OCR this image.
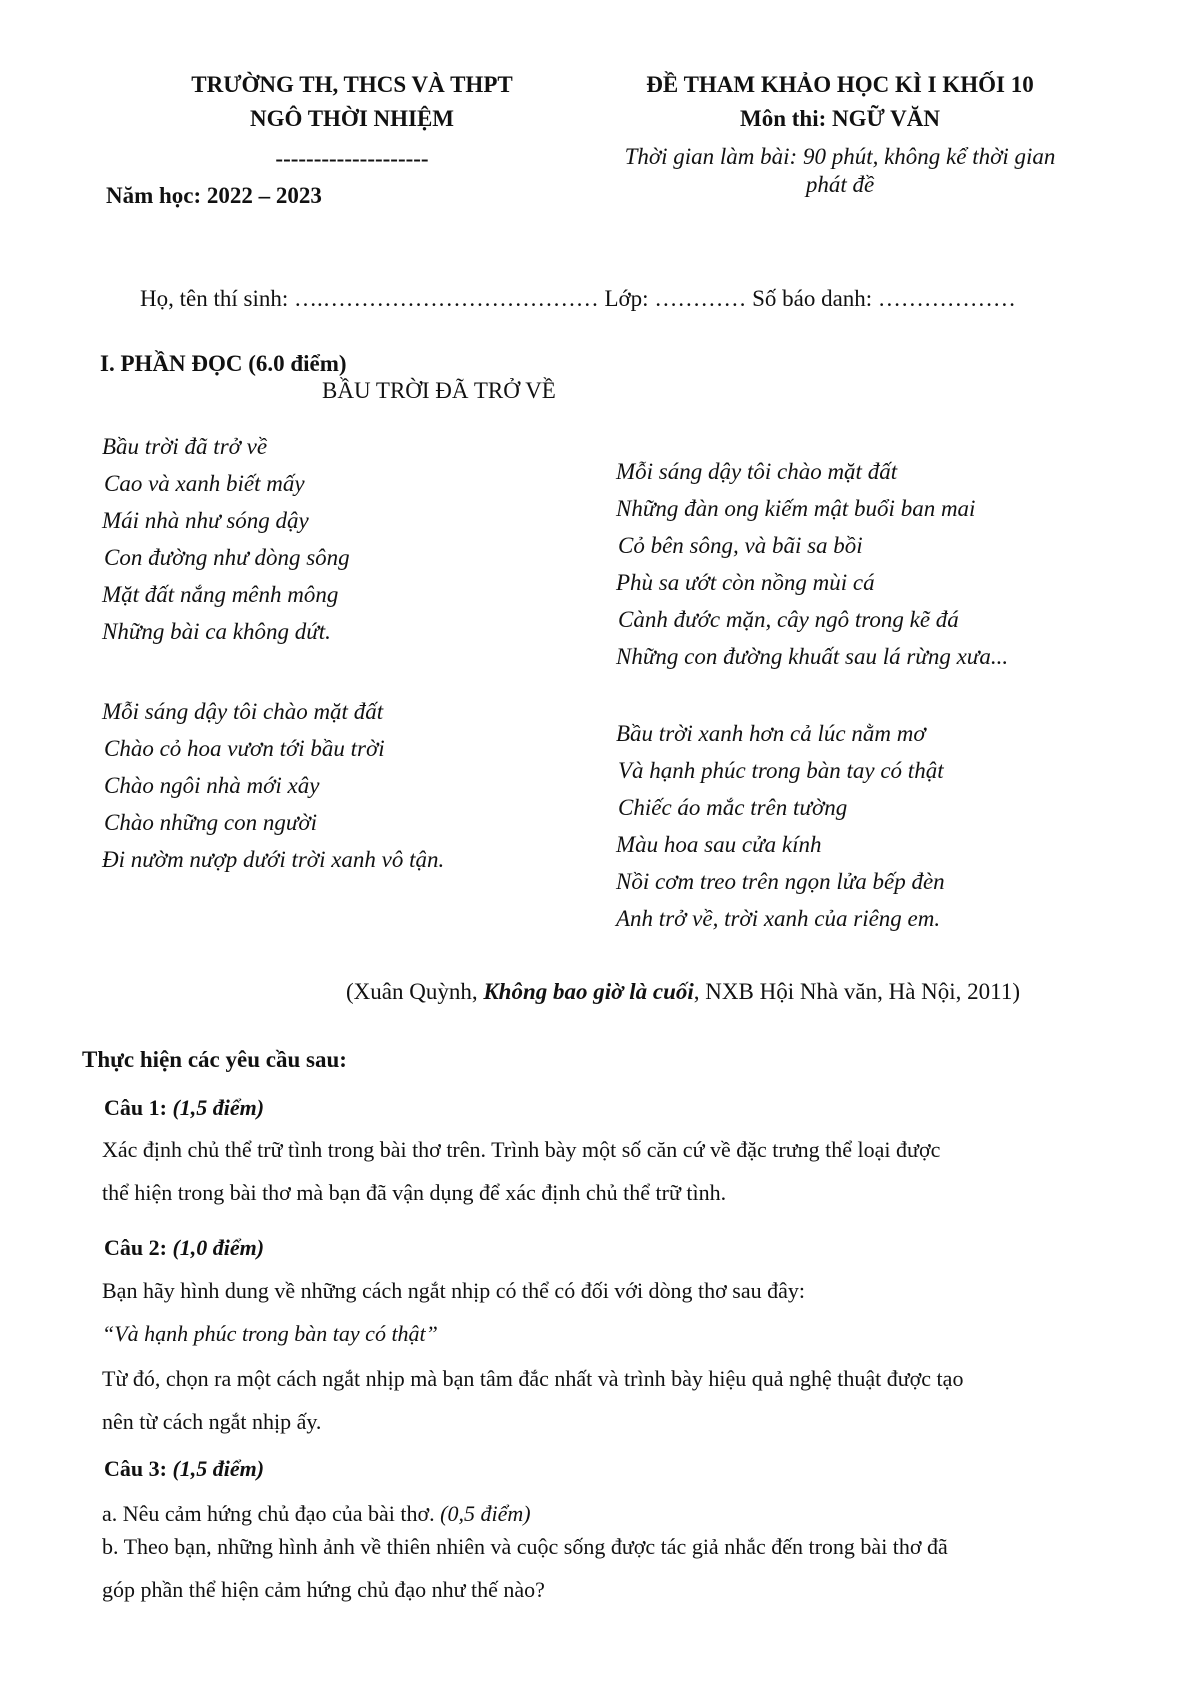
TRƯỜNG TH, THCS VÀ THPT
NGÔ THỜI NHIỆM
--------------------
Năm học: 2022 – 2023
ĐỀ THAM KHẢO HỌC KÌ I KHỐI 10
Môn thi: NGỮ VĂN
Thời gian làm bài: 90 phút, không kể thời gian
phát đề
Họ, tên thí sinh: ….……………………………… Lớp: ………… Số báo danh: ………………
I. PHẦN ĐỌC (6.0 điểm)
BẦU TRỜI ĐÃ TRỞ VỀ
Bầu trời đã trở về
Cao và xanh biết mấy
Mái nhà như sóng dậy
Con đường như dòng sông
Mặt đất nắng mênh mông
Những bài ca không dứt.
Mỗi sáng dậy tôi chào mặt đất
Chào cỏ hoa vươn tới bầu trời
Chào ngôi nhà mới xây
Chào những con người
Đi nườm nượp dưới trời xanh vô tận.
Mỗi sáng dậy tôi chào mặt đất
Những đàn ong kiếm mật buổi ban mai
Cỏ bên sông, và bãi sa bồi
Phù sa ướt còn nồng mùi cá
Cành đước mặn, cây ngô trong kẽ đá
Những con đường khuất sau lá rừng xưa...
Bầu trời xanh hơn cả lúc nằm mơ
Và hạnh phúc trong bàn tay có thật
Chiếc áo mắc trên tường
Màu hoa sau cửa kính
Nồi cơm treo trên ngọn lửa bếp đèn
Anh trở về, trời xanh của riêng em.
(Xuân Quỳnh, Không bao giờ là cuối, NXB Hội Nhà văn, Hà Nội, 2011)
Thực hiện các yêu cầu sau:
Câu 1: (1,5 điểm)
Xác định chủ thể trữ tình trong bài thơ trên. Trình bày một số căn cứ về đặc trưng thể loại được
thể hiện trong bài thơ mà bạn đã vận dụng để xác định chủ thể trữ tình.
Câu 2: (1,0 điểm)
Bạn hãy hình dung về những cách ngắt nhịp có thể có đối với dòng thơ sau đây:
“Và hạnh phúc trong bàn tay có thật”
Từ đó, chọn ra một cách ngắt nhịp mà bạn tâm đắc nhất và trình bày hiệu quả nghệ thuật được tạo
nên từ cách ngắt nhịp ấy.
Câu 3: (1,5 điểm)
a. Nêu cảm hứng chủ đạo của bài thơ. (0,5 điểm)
b. Theo bạn, những hình ảnh về thiên nhiên và cuộc sống được tác giả nhắc đến trong bài thơ đã
góp phần thể hiện cảm hứng chủ đạo như thế nào?
